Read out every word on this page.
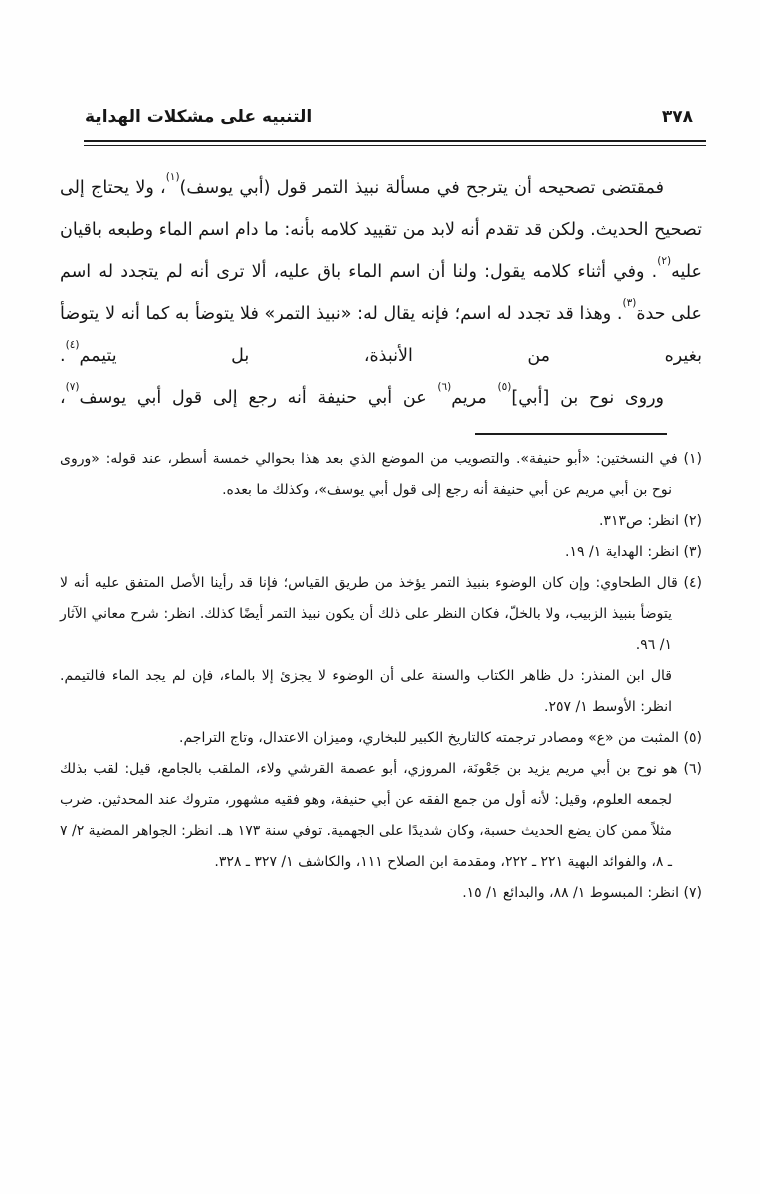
٣٧٨
التنبيه على مشكلات الهداية

فمقتضى تصحيحه أن يترجح في مسألة نبيذ التمر قول (أبي يوسف)$^{(١)}$، ولا يحتاج إلى تصحيح الحديث. ولكن قد تقدم أنه لابد من تقييد كلامه بأنه: ما دام اسم الماء وطبعه باقيان عليه$^{(٢)}$. وفي أثناء كلامه يقول: ولنا أن اسم الماء باق عليه، ألا ترى أنه لم يتجدد له اسم على حدة$^{(٣)}$. وهذا قد تجدد له اسم؛ فإنه يقال له: «نبيذ التمر» فلا يتوضأ به كما أنه لا يتوضأ بغيره من الأنبذة، بل يتيمم$^{(٤)}$.

وروى نوح بن [أبي]$^{(٥)}$ مريم$^{(٦)}$ عن أبي حنيفة أنه رجع إلى قول أبي يوسف$^{(٧)}$،

(١) في النسختين: «أبو حنيفة». والتصويب من الموضع الذي بعد هذا بحوالي خمسة أسطر، عند قوله: «وروى نوح بن أبي مريم عن أبي حنيفة أنه رجع إلى قول أبي يوسف»، وكذلك ما بعده.

(٢) انظر: ص٣١٣.

(٣) انظر: الهداية ١/ ١٩.

(٤) قال الطحاوي: وإن كان الوضوء بنبيذ التمر يؤخذ من طريق القياس؛ فإنا قد رأينا الأصل المتفق عليه أنه لا يتوضأ بنبيذ الزبيب، ولا بالخلّ، فكان النظر على ذلك أن يكون نبيذ التمر أيضًا كذلك. انظر: شرح معاني الآثار ١/ ٩٦.

قال ابن المنذر: دل ظاهر الكتاب والسنة على أن الوضوء لا يجزئ إلا بالماء، فإن لم يجد الماء فالتيمم. انظر: الأوسط ١/ ٢٥٧.

(٥) المثبت من «ع» ومصادر ترجمته كالتاريخ الكبير للبخاري، وميزان الاعتدال، وتاج التراجم.

(٦) هو نوح بن أبي مريم يزيد بن جَعْونَة، المروزي، أبو عصمة القرشي ولاء، الملقب بالجامع، قيل: لقب بذلك لجمعه العلوم، وقيل: لأنه أول من جمع الفقه عن أبي حنيفة، وهو فقيه مشهور، متروك عند المحدثين. ضرب مثلاً ممن كان يضع الحديث حسبة، وكان شديدًا على الجهمية. توفي سنة ١٧٣ هـ. انظر: الجواهر المضية ٢/ ٧ ـ ٨، والفوائد البهية ٢٢١ ـ ٢٢٢، ومقدمة ابن الصلاح ١١١، والكاشف ١/ ٣٢٧ ـ ٣٢٨.

(٧) انظر: المبسوط ١/ ٨٨، والبدائع ١/ ١٥.
